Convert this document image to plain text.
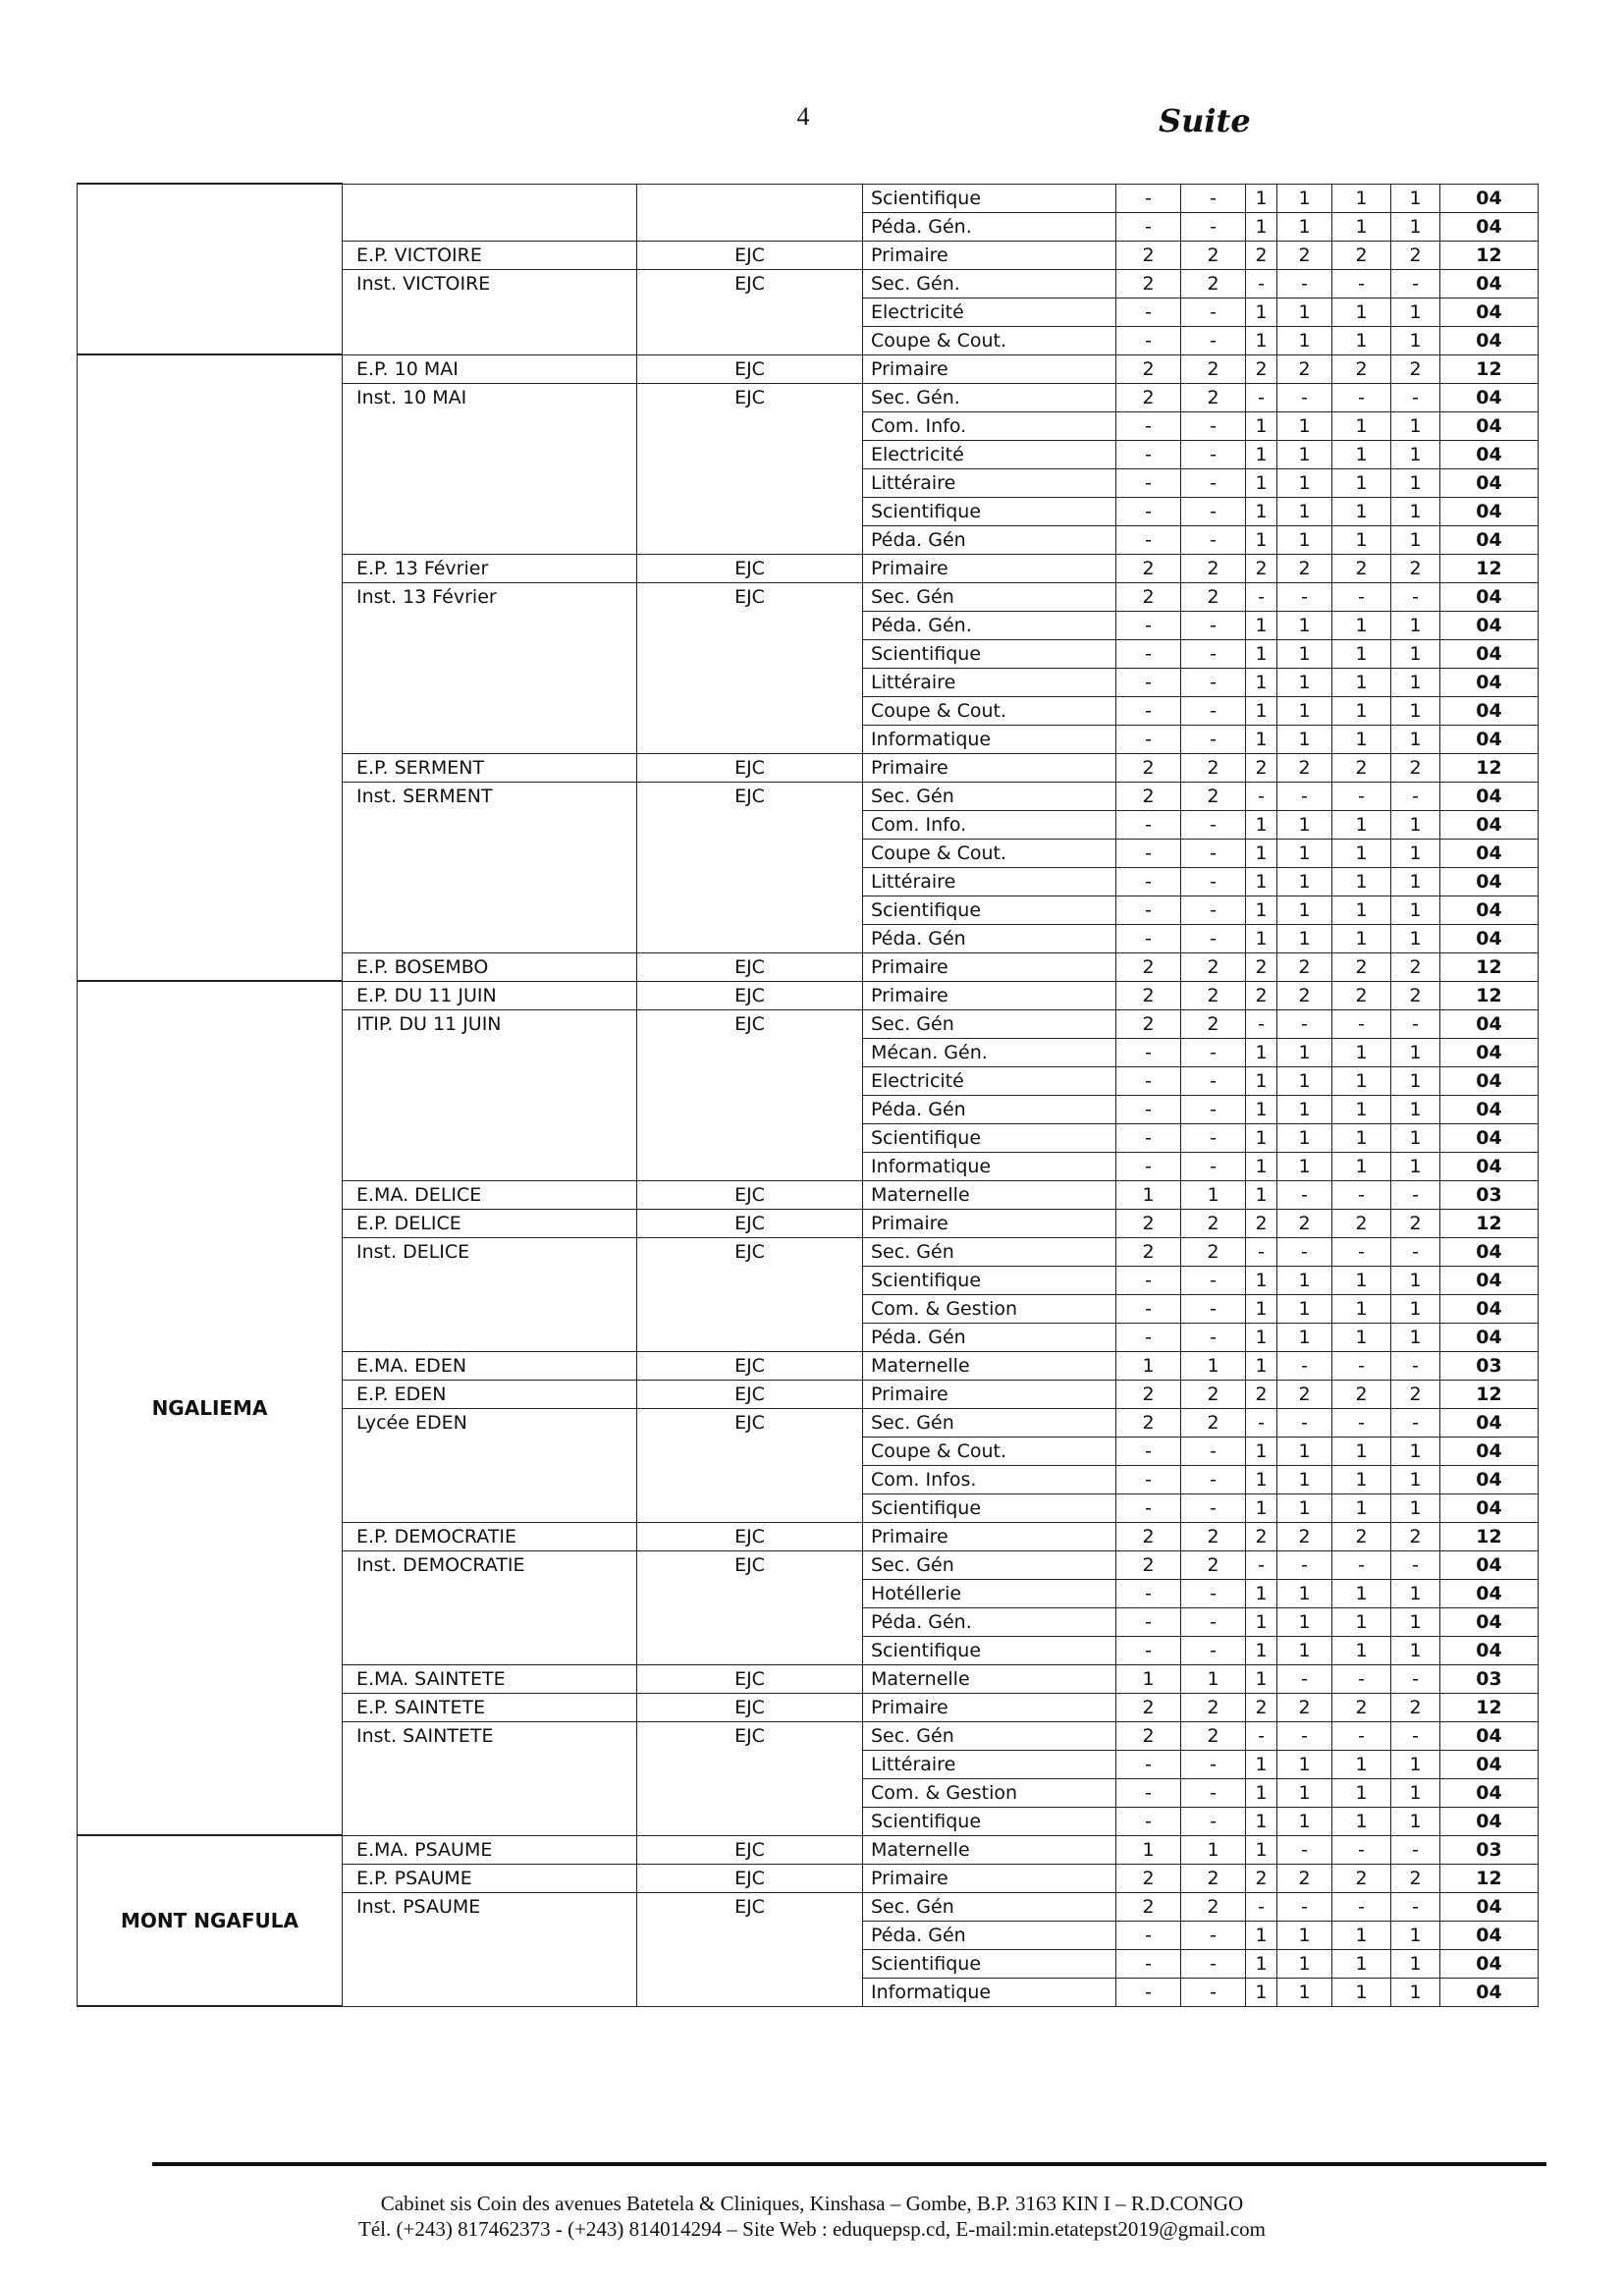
4	Suite
			Scientifique	-	-	1	1	1	1	04
			Péda. Gén.	-	-	1	1	1	1	04
	E.P. VICTOIRE	EJC	Primaire	2	2	2	2	2	2	12
	Inst. VICTOIRE	EJC	Sec. Gén.	2	2	-	-	-	-	04
			Electricité	-	-	1	1	1	1	04
			Coupe & Cout.	-	-	1	1	1	1	04
	E.P. 10 MAI	EJC	Primaire	2	2	2	2	2	2	12
	Inst. 10 MAI	EJC	Sec. Gén.	2	2	-	-	-	-	04
			Com. Info.	-	-	1	1	1	1	04
			Electricité	-	-	1	1	1	1	04
			Littéraire	-	-	1	1	1	1	04
			Scientifique	-	-	1	1	1	1	04
			Péda. Gén	-	-	1	1	1	1	04
	E.P. 13 Février	EJC	Primaire	2	2	2	2	2	2	12
	Inst. 13 Février	EJC	Sec. Gén	2	2	-	-	-	-	04
			Péda. Gén.	-	-	1	1	1	1	04
			Scientifique	-	-	1	1	1	1	04
			Littéraire	-	-	1	1	1	1	04
			Coupe & Cout.	-	-	1	1	1	1	04
			Informatique	-	-	1	1	1	1	04
	E.P. SERMENT	EJC	Primaire	2	2	2	2	2	2	12
	Inst. SERMENT	EJC	Sec. Gén	2	2	-	-	-	-	04
			Com. Info.	-	-	1	1	1	1	04
			Coupe & Cout.	-	-	1	1	1	1	04
			Littéraire	-	-	1	1	1	1	04
			Scientifique	-	-	1	1	1	1	04
			Péda. Gén	-	-	1	1	1	1	04
	E.P. BOSEMBO	EJC	Primaire	2	2	2	2	2	2	12
NGALIEMA	E.P. DU 11 JUIN	EJC	Primaire	2	2	2	2	2	2	12
	ITIP. DU 11 JUIN	EJC	Sec. Gén	2	2	-	-	-	-	04
			Mécan. Gén.	-	-	1	1	1	1	04
			Electricité	-	-	1	1	1	1	04
			Péda. Gén	-	-	1	1	1	1	04
			Scientifique	-	-	1	1	1	1	04
			Informatique	-	-	1	1	1	1	04
	E.MA. DELICE	EJC	Maternelle	1	1	1	-	-	-	03
	E.P. DELICE	EJC	Primaire	2	2	2	2	2	2	12
	Inst. DELICE	EJC	Sec. Gén	2	2	-	-	-	-	04
			Scientifique	-	-	1	1	1	1	04
			Com. & Gestion	-	-	1	1	1	1	04
			Péda. Gén	-	-	1	1	1	1	04
	E.MA. EDEN	EJC	Maternelle	1	1	1	-	-	-	03
	E.P. EDEN	EJC	Primaire	2	2	2	2	2	2	12
	Lycée EDEN	EJC	Sec. Gén	2	2	-	-	-	-	04
			Coupe & Cout.	-	-	1	1	1	1	04
			Com. Infos.	-	-	1	1	1	1	04
			Scientifique	-	-	1	1	1	1	04
	E.P. DEMOCRATIE	EJC	Primaire	2	2	2	2	2	2	12
	Inst. DEMOCRATIE	EJC	Sec. Gén	2	2	-	-	-	-	04
			Hotéllerie	-	-	1	1	1	1	04
			Péda. Gén.	-	-	1	1	1	1	04
			Scientifique	-	-	1	1	1	1	04
	E.MA. SAINTETE	EJC	Maternelle	1	1	1	-	-	-	03
	E.P. SAINTETE	EJC	Primaire	2	2	2	2	2	2	12
	Inst. SAINTETE	EJC	Sec. Gén	2	2	-	-	-	-	04
			Littéraire	-	-	1	1	1	1	04
			Com. & Gestion	-	-	1	1	1	1	04
			Scientifique	-	-	1	1	1	1	04
MONT NGAFULA	E.MA. PSAUME	EJC	Maternelle	1	1	1	-	-	-	03
	E.P. PSAUME	EJC	Primaire	2	2	2	2	2	2	12
	Inst. PSAUME	EJC	Sec. Gén	2	2	-	-	-	-	04
			Péda. Gén	-	-	1	1	1	1	04
			Scientifique	-	-	1	1	1	1	04
			Informatique	-	-	1	1	1	1	04
Cabinet sis Coin des avenues Batetela & Cliniques, Kinshasa – Gombe, B.P. 3163 KIN I – R.D.CONGO
Tél. (+243) 817462373 - (+243) 814014294 – Site Web : eduquepsp.cd, E-mail:min.etatepst2019@gmail.com
